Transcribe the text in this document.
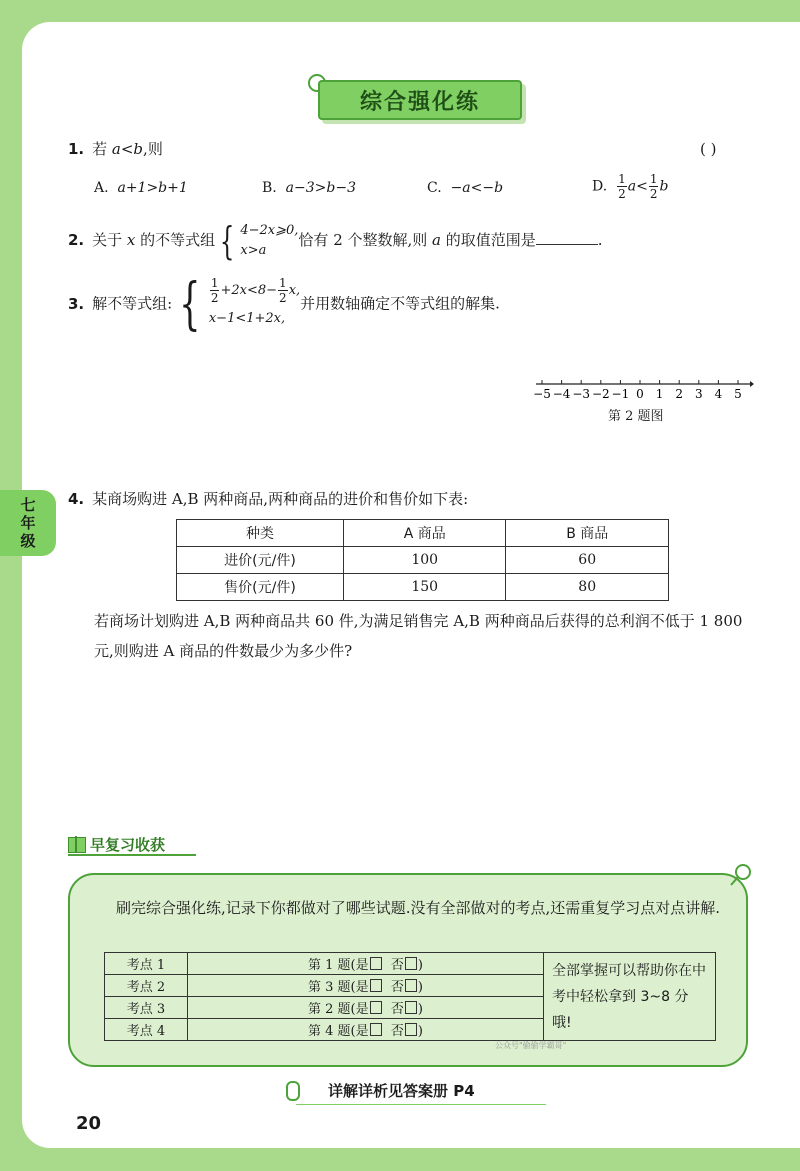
综合强化练
1. 若 a<b,则	( )
A. a+1>b+1	B. a−3>b−3	C. −a<−b	D. $\frac{1}{2} a< \frac{1}{2}$ b
2. 关于 x 的不等式组 { 4−2x⩾0,
x>a
恰有 2 个整数解,则 a 的取值范围是	.
3. 解不等式组: { $\frac{1}{2} +2x<8- \frac{1}{2} x$,
x−1<1+2x,
并用数轴确定不等式组的解集.
−5 −4 −3 −2 −1 0 1 2 3 4 5
第 2 题图
七
年
级
4. 某商场购进 A,B 两种商品,两种商品的进价和售价如下表:
种类	A 商品	B 商品
进价(元/件)	100	60
售价(元/件)	150	80
若商场计划购进 A,B 两种商品共 60 件,为满足销售完 A,B 两种商品后获得的总利润不低于 1 800 元,则购进 A 商品的件数最少为多少件?
早复习收获
刷完综合强化练,记录下你都做对了哪些试题.没有全部做对的考点,还需重复学习点对点讲解.
考点 1	第 1 题(是 否 )	全部掌握可以帮助你在中考中轻松拿到 3~8 分哦!
考点 2	第 3 题(是 否 )	
考点 3	第 2 题(是 否 )	
考点 4	第 4 题(是 否 )	
公众号"偷偷学霸哥"
详解详析见答案册 P4
20
